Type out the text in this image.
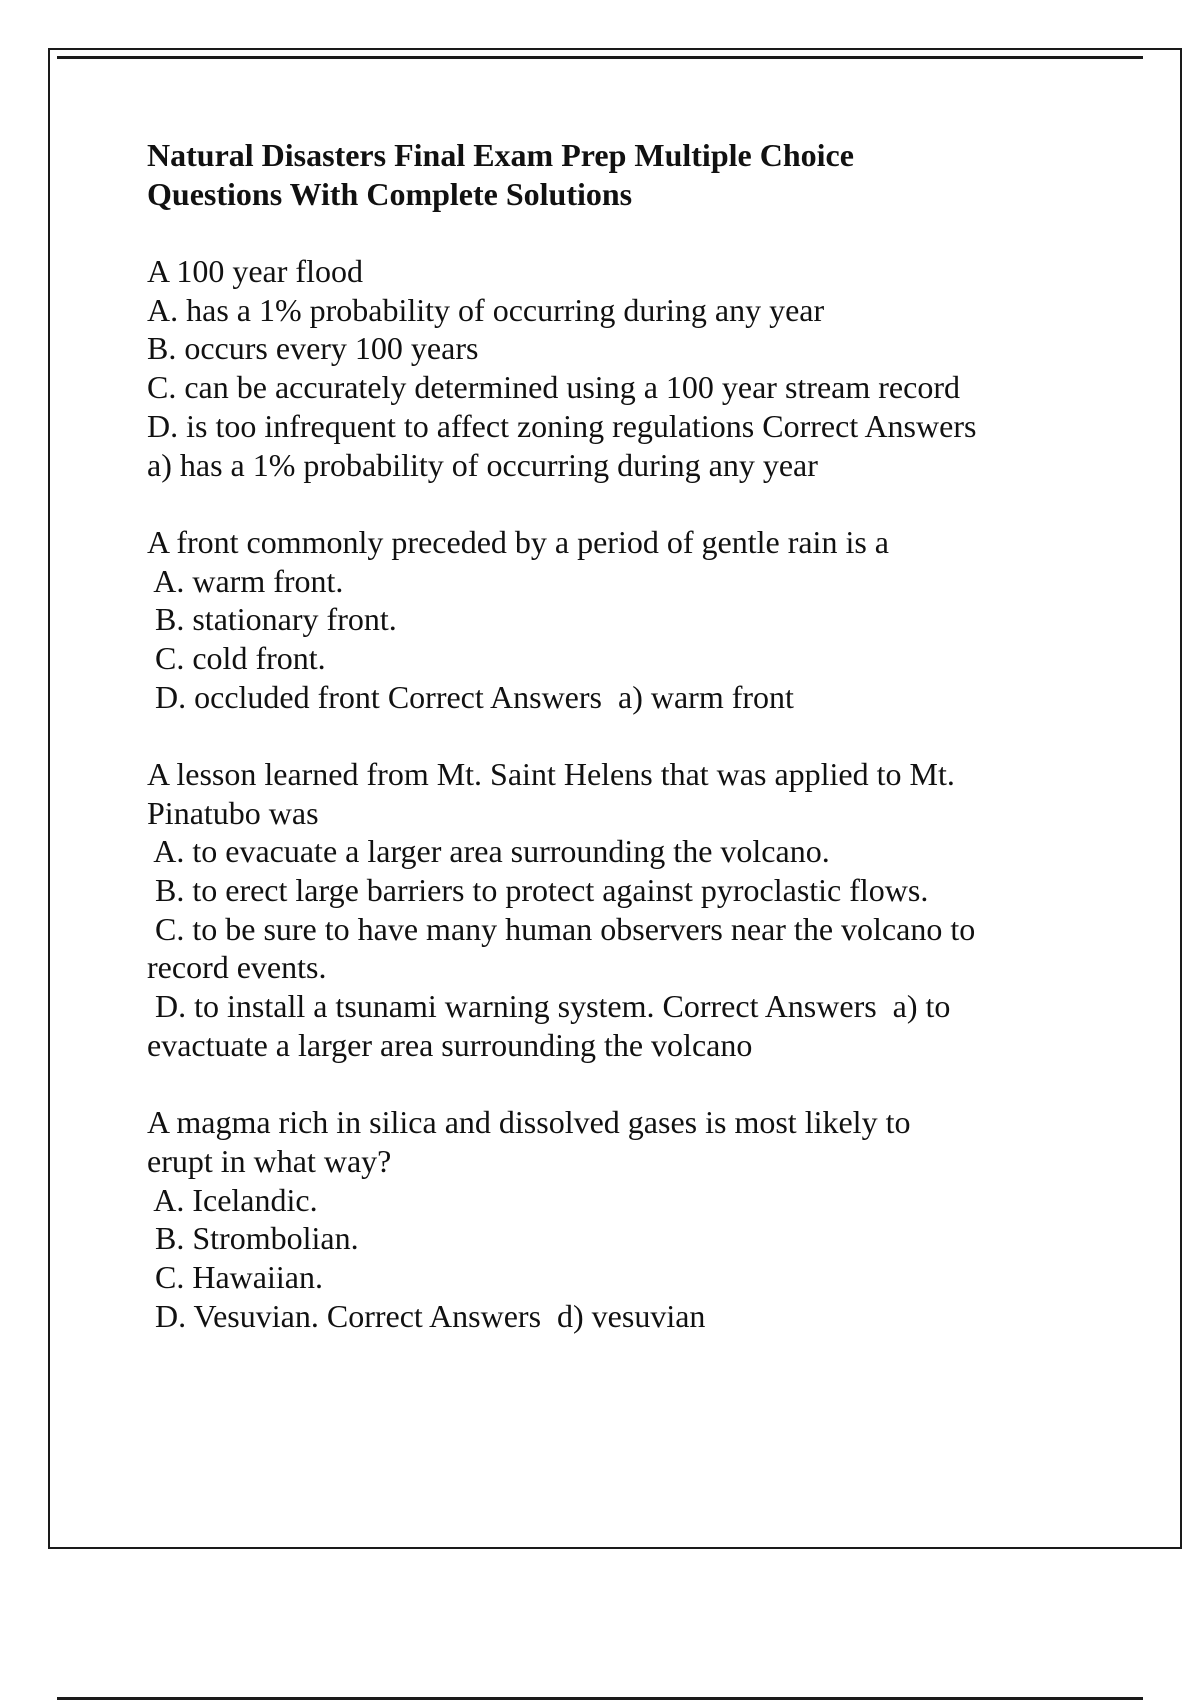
Natural Disasters Final Exam Prep Multiple Choice
Questions With Complete Solutions
A 100 year flood
A. has a 1% probability of occurring during any year
B. occurs every 100 years
C. can be accurately determined using a 100 year stream record
D. is too infrequent to affect zoning regulations Correct Answers
a) has a 1% probability of occurring during any year
A front commonly preceded by a period of gentle rain is a
A. warm front.
B. stationary front.
C. cold front.
D. occluded front Correct Answers  a) warm front
A lesson learned from Mt. Saint Helens that was applied to Mt.
Pinatubo was
A. to evacuate a larger area surrounding the volcano.
B. to erect large barriers to protect against pyroclastic flows.
C. to be sure to have many human observers near the volcano to
record events.
D. to install a tsunami warning system. Correct Answers  a) to
evactuate a larger area surrounding the volcano
A magma rich in silica and dissolved gases is most likely to
erupt in what way?
A. Icelandic.
B. Strombolian.
C. Hawaiian.
D. Vesuvian. Correct Answers  d) vesuvian
